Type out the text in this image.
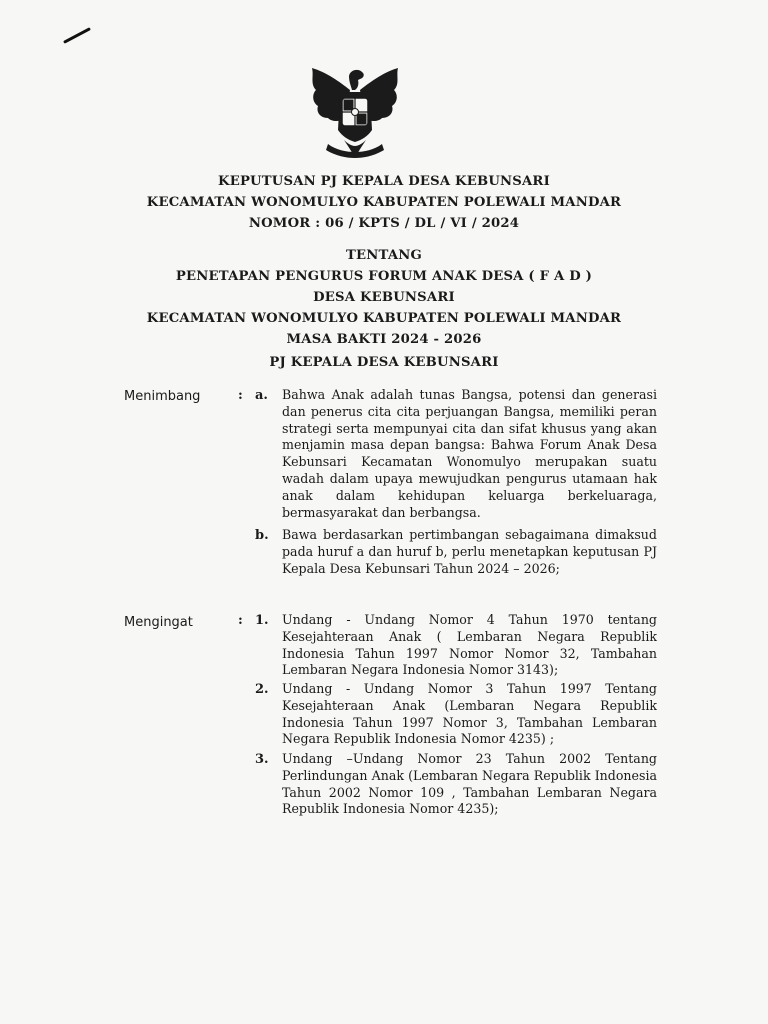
KEPUTUSAN PJ KEPALA DESA KEBUNSARI
KECAMATAN WONOMULYO KABUPATEN POLEWALI MANDAR
NOMOR : 06 / KPTS / DL / VI / 2024
TENTANG
PENETAPAN PENGURUS FORUM ANAK DESA ( F A D )
DESA KEBUNSARI
KECAMATAN WONOMULYO KABUPATEN POLEWALI MANDAR
MASA BAKTI 2024 - 2026
PJ KEPALA DESA KEBUNSARI
Menimbang	: a. Bahwa Anak adalah tunas Bangsa, potensi dan generasi dan penerus cita cita perjuangan Bangsa, memiliki peran strategi serta mempunyai cita dan sifat khusus yang akan menjamin masa depan bangsa: Bahwa Forum Anak Desa Kebunsari Kecamatan Wonomulyo merupakan suatu wadah dalam upaya mewujudkan pengurus utamaan hak anak dalam kehidupan keluarga berkeluaraga, bermasyarakat dan berbangsa.
b. Bawa berdasarkan pertimbangan sebagaimana dimaksud pada huruf a dan huruf b, perlu menetapkan keputusan PJ Kepala Desa Kebunsari Tahun 2024 – 2026;
Mengingat	: 1. Undang - Undang Nomor 4 Tahun 1970 tentang Kesejahteraan Anak ( Lembaran Negara Republik Indonesia Tahun 1997 Nomor Nomor 32, Tambahan Lembaran Negara Indonesia Nomor 3143);
2. Undang - Undang Nomor 3 Tahun 1997 Tentang Kesejahteraan Anak (Lembaran Negara Republik Indonesia Tahun 1997 Nomor 3, Tambahan Lembaran Negara Republik Indonesia Nomor 4235) ;
3. Undang –Undang Nomor 23 Tahun 2002 Tentang Perlindungan Anak (Lembaran Negara Republik Indonesia Tahun 2002 Nomor 109 , Tambahan Lembaran Negara Republik Indonesia Nomor 4235);
